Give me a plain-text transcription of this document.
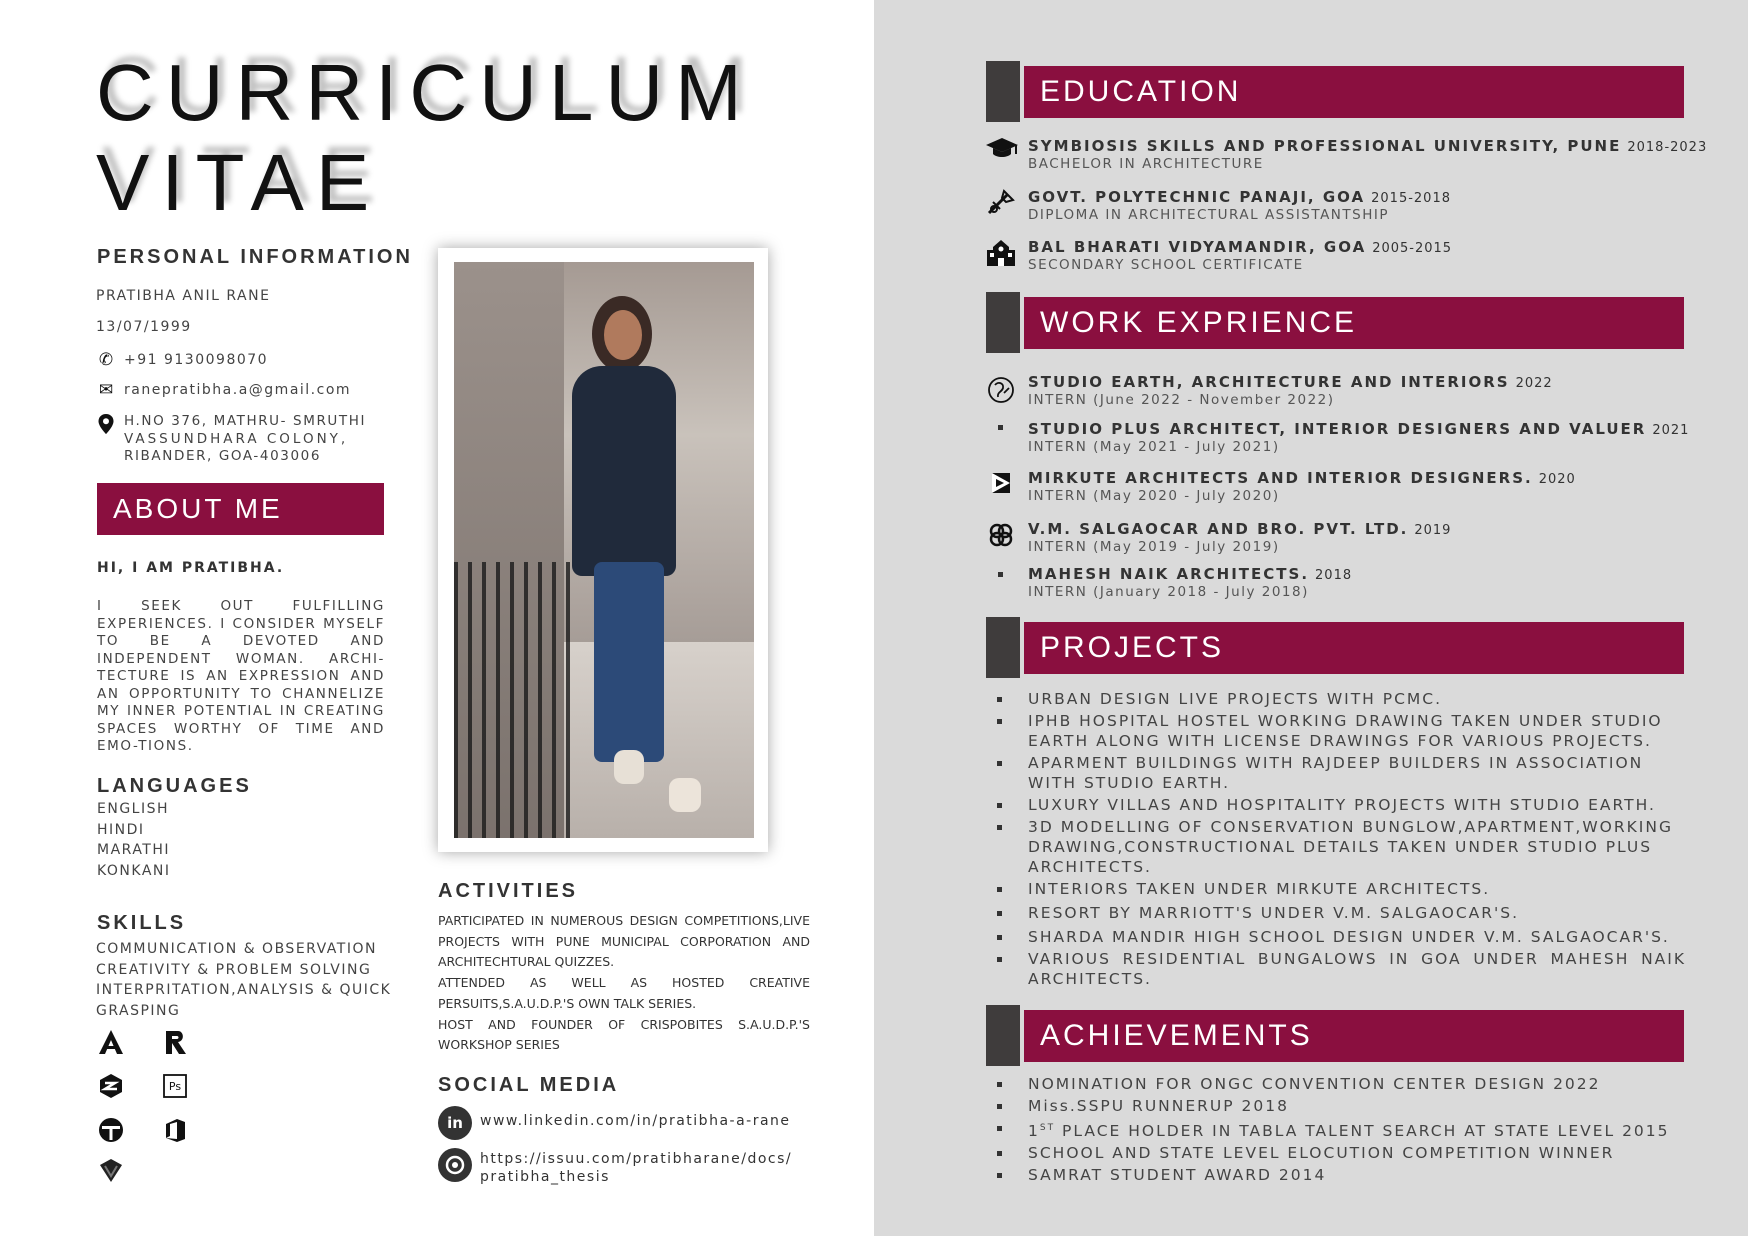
CURRICULUM
VITAE
PERSONAL INFORMATION
PRATIBHA ANIL RANE
13/07/1999
✆ +91 9130098070
✉ ranepratibha.a@gmail.com
H.NO 376, MATHRU- SMRUTHI
VASSUNDHARA COLONY,
RIBANDER, GOA-403006
ABOUT ME
HI, I AM PRATIBHA.
I SEEK OUT FULFILLING EXPERIENCES. I CONSIDER MYSELF TO BE A DEVOTED AND INDEPENDENT WOMAN. ARCHI-TECTURE IS AN EXPRESSION AND AN OPPORTUNITY TO CHANNELIZE MY INNER POTENTIAL IN CREATING SPACES WORTHY OF TIME AND EMO-TIONS.
LANGUAGES
ENGLISH
HINDI
MARATHI
KONKANI
SKILLS
COMMUNICATION & OBSERVATION
CREATIVITY & PROBLEM SOLVING
INTERPRITATION,ANALYSIS & QUICK
GRASPING
Ps
ACTIVITIES
PARTICIPATED IN NUMEROUS DESIGN COMPETITIONS,LIVE PROJECTS WITH PUNE MUNICIPAL CORPORATION AND ARCHITECHTURAL QUIZZES.
ATTENDED AS WELL AS HOSTED CREATIVE PERSUITS,S.A.U.D.P.'S OWN TALK SERIES.
HOST AND FOUNDER OF CRISPOBITES S.A.U.D.P.'S WORKSHOP SERIES
SOCIAL MEDIA
in	www.linkedin.com/in/pratibha-a-rane
https://issuu.com/pratibharane/docs/
pratibha_thesis
EDUCATION
SYMBIOSIS SKILLS AND PROFESSIONAL UNIVERSITY, PUNE 2018-2023
BACHELOR IN ARCHITECTURE
GOVT. POLYTECHNIC PANAJI, GOA 2015-2018
DIPLOMA IN ARCHITECTURAL ASSISTANTSHIP
BAL BHARATI VIDYAMANDIR, GOA 2005-2015
SECONDARY SCHOOL CERTIFICATE
WORK EXPRIENCE
STUDIO EARTH, ARCHITECTURE AND INTERIORS 2022
INTERN (June 2022 - November 2022)
STUDIO PLUS ARCHITECT, INTERIOR DESIGNERS AND VALUER 2021
INTERN (May 2021 - July 2021)
MIRKUTE ARCHITECTS AND INTERIOR DESIGNERS. 2020
INTERN (May 2020 - July 2020)
V.M. SALGAOCAR AND BRO. PVT. LTD. 2019
INTERN (May 2019 - July 2019)
MAHESH NAIK ARCHITECTS. 2018
INTERN (January 2018 - July 2018)
PROJECTS
URBAN DESIGN LIVE PROJECTS WITH PCMC.
IPHB HOSPITAL HOSTEL WORKING DRAWING TAKEN UNDER STUDIO EARTH ALONG WITH LICENSE DRAWINGS FOR VARIOUS PROJECTS.
APARMENT BUILDINGS WITH RAJDEEP BUILDERS IN ASSOCIATION WITH STUDIO EARTH.
LUXURY VILLAS AND HOSPITALITY PROJECTS WITH STUDIO EARTH.
3D MODELLING OF CONSERVATION BUNGLOW,APARTMENT,WORKING DRAWING,CONSTRUCTIONAL DETAILS TAKEN UNDER STUDIO PLUS ARCHITECTS.
INTERIORS TAKEN UNDER MIRKUTE ARCHITECTS.
RESORT BY MARRIOTT'S UNDER V.M. SALGAOCAR'S.
SHARDA MANDIR HIGH SCHOOL DESIGN UNDER V.M. SALGAOCAR'S.
VARIOUS RESIDENTIAL BUNGALOWS IN GOA UNDER MAHESH NAIK ARCHITECTS.
ACHIEVEMENTS
NOMINATION FOR ONGC CONVENTION CENTER DESIGN 2022
Miss.SSPU RUNNERUP 2018
1ST PLACE HOLDER IN TABLA TALENT SEARCH AT STATE LEVEL 2015
SCHOOL AND STATE LEVEL ELOCUTION COMPETITION WINNER
SAMRAT STUDENT AWARD 2014
